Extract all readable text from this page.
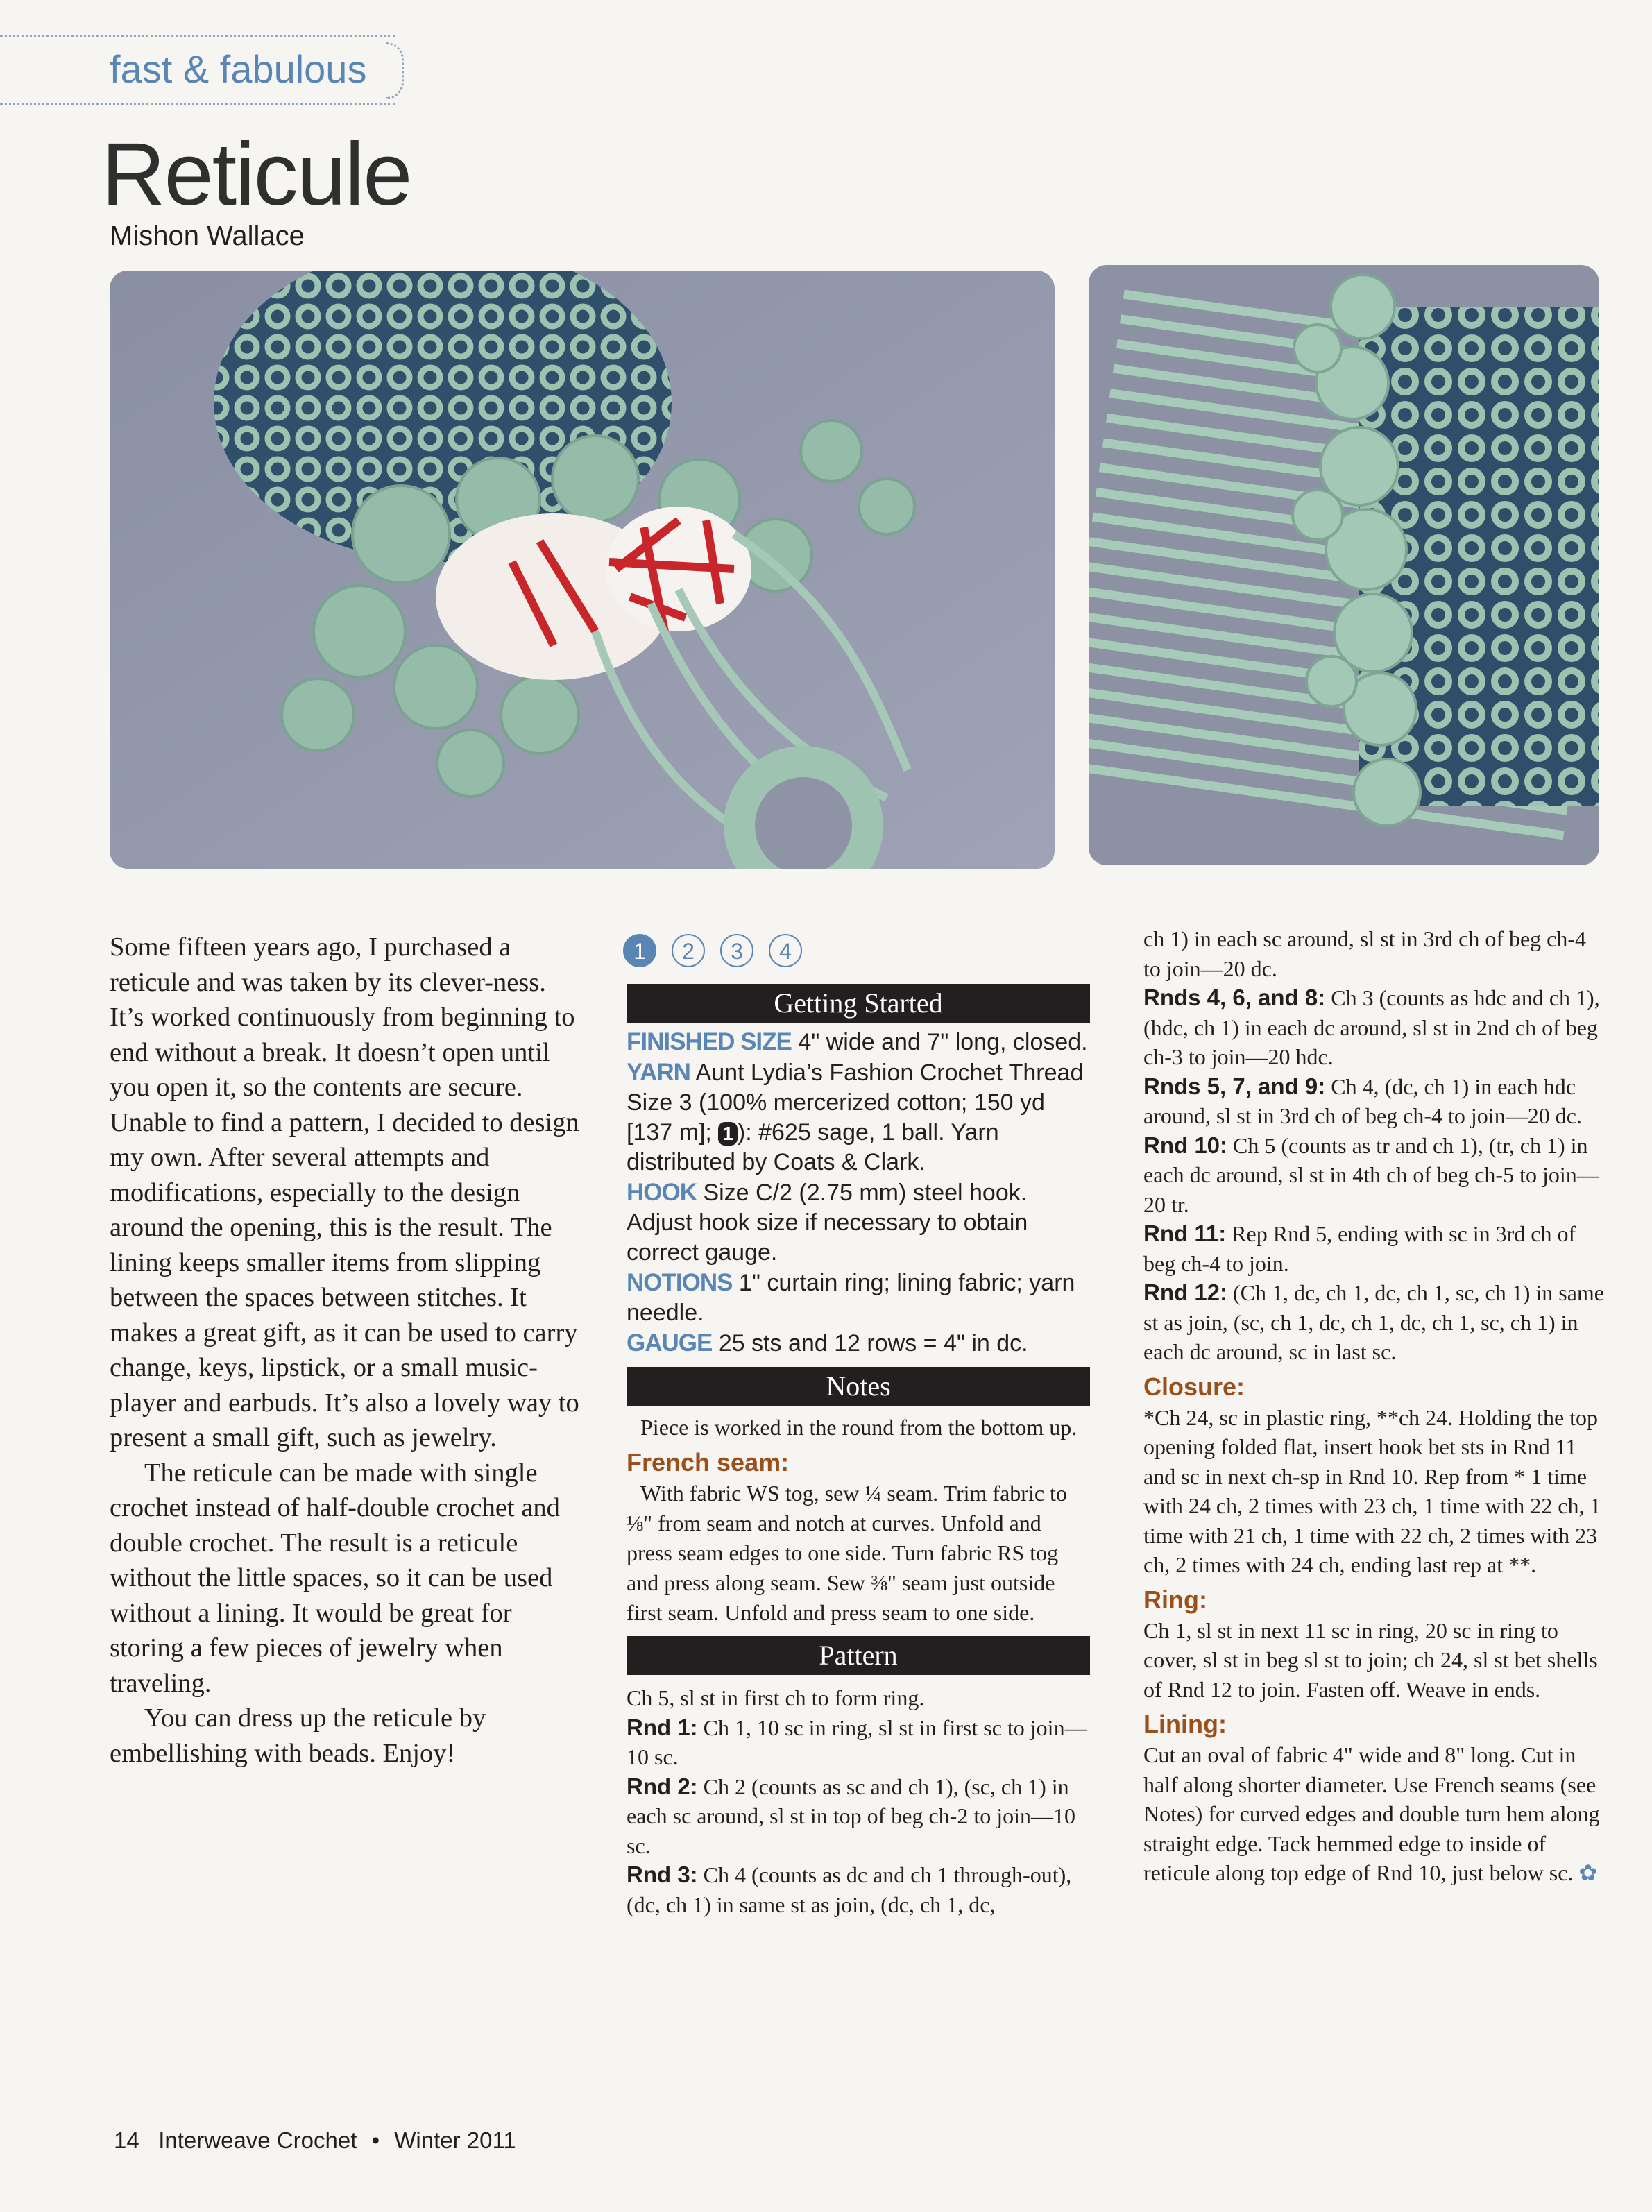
fast & fabulous
Reticule
Mishon Wallace

Some fifteen years ago, I purchased a reticule and was taken by its clever-ness. It’s worked continuously from beginning to end without a break. It doesn’t open until you open it, so the contents are secure. Unable to find a pattern, I decided to design my own. After several attempts and modifications, especially to the design around the opening, this is the result. The lining keeps smaller items from slipping between the spaces between stitches. It makes a great gift, as it can be used to carry change, keys, lipstick, or a small music-player and earbuds. It’s also a lovely way to present a small gift, such as jewelry.

The reticule can be made with single crochet instead of half-double crochet and double crochet. The result is a reticule without the little spaces, so it can be used without a lining. It would be great for storing a few pieces of jewelry when traveling.

You can dress up the reticule by embellishing with beads. Enjoy!

1 2 3 4
Getting Started

FINISHED SIZE 4" wide and 7" long, closed.

YARN Aunt Lydia’s Fashion Crochet Thread Size 3 (100% mercerized cotton; 150 yd [137 m]; 1 ): #625 sage, 1 ball. Yarn distributed by Coats & Clark.

HOOK Size C/2 (2.75 mm) steel hook. Adjust hook size if necessary to obtain correct gauge.

NOTIONS 1" curtain ring; lining fabric; yarn needle.

GAUGE 25 sts and 12 rows = 4" in dc.

Notes

Piece is worked in the round from the bottom up.

French seam:

With fabric WS tog, sew ¼ seam. Trim fabric to ⅛" from seam and notch at curves. Unfold and press seam edges to one side. Turn fabric RS tog and press along seam. Sew ⅜" seam just outside first seam. Unfold and press seam to one side.

Pattern

Ch 5, sl st in first ch to form ring.

Rnd 1: Ch 1, 10 sc in ring, sl st in first sc to join—10 sc.

Rnd 2: Ch 2 (counts as sc and ch 1), (sc, ch 1) in each sc around, sl st in top of beg ch-2 to join—10 sc.

Rnd 3: Ch 4 (counts as dc and ch 1 through-out), (dc, ch 1) in same st as join, (dc, ch 1, dc,

ch 1) in each sc around, sl st in 3rd ch of beg ch-4 to join—20 dc.

Rnds 4, 6, and 8: Ch 3 (counts as hdc and ch 1), (hdc, ch 1) in each dc around, sl st in 2nd ch of beg ch-3 to join—20 hdc.

Rnds 5, 7, and 9: Ch 4, (dc, ch 1) in each hdc around, sl st in 3rd ch of beg ch-4 to join—20 dc.

Rnd 10: Ch 5 (counts as tr and ch 1), (tr, ch 1) in each dc around, sl st in 4th ch of beg ch-5 to join—20 tr.

Rnd 11: Rep Rnd 5, ending with sc in 3rd ch of beg ch-4 to join.

Rnd 12: (Ch 1, dc, ch 1, dc, ch 1, sc, ch 1) in same st as join, (sc, ch 1, dc, ch 1, dc, ch 1, sc, ch 1) in each dc around, sc in last sc.

Closure:

*Ch 24, sc in plastic ring, **ch 24. Holding the top opening folded flat, insert hook bet sts in Rnd 11 and sc in next ch-sp in Rnd 10. Rep from * 1 time with 24 ch, 2 times with 23 ch, 1 time with 22 ch, 1 time with 21 ch, 1 time with 22 ch, 2 times with 23 ch, 2 times with 24 ch, ending last rep at **.

Ring:

Ch 1, sl st in next 11 sc in ring, 20 sc in ring to cover, sl st in beg sl st to join; ch 24, sl st bet shells of Rnd 12 to join. Fasten off. Weave in ends.

Lining:

Cut an oval of fabric 4" wide and 8" long. Cut in half along shorter diameter. Use French seams (see Notes) for curved edges and double turn hem along straight edge. Tack hemmed edge to inside of reticule along top edge of Rnd 10, just below sc. ✿

14 Interweave Crochet • Winter 2011
